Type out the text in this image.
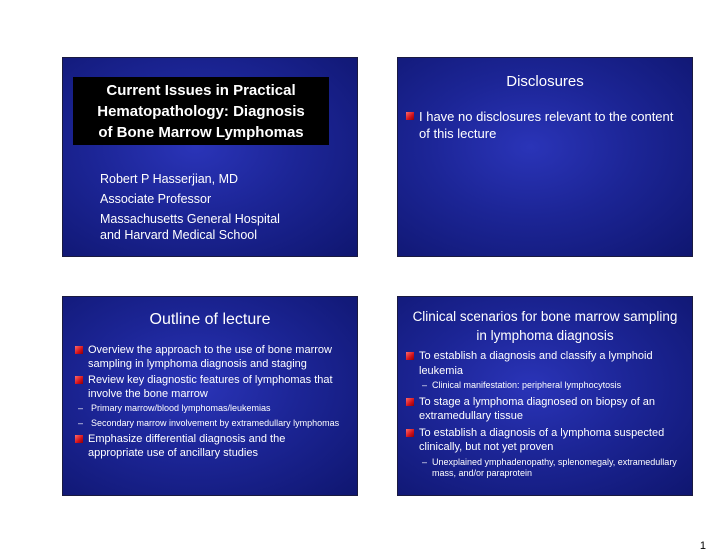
Current Issues in Practical
Hematopathology: Diagnosis
of Bone Marrow Lymphomas
Robert P Hasserjian, MD
Associate Professor
Massachusetts General Hospital
and Harvard Medical School
Disclosures
I have no disclosures relevant to the content of this lecture
Outline of lecture
Overview the approach to the use of bone marrow sampling in lymphoma diagnosis and staging
Review key diagnostic features of lymphomas that involve the bone marrow
– Primary marrow/blood lymphomas/leukemias
– Secondary marrow involvement by extramedullary lymphomas
Emphasize differential diagnosis and the appropriate use of ancillary studies
Clinical scenarios for bone marrow sampling in lymphoma diagnosis
To establish a diagnosis and classify a lymphoid leukemia
– Clinical manifestation: peripheral lymphocytosis
To stage a lymphoma diagnosed on biopsy of an extramedullary tissue
To establish a diagnosis of a lymphoma suspected clinically, but not yet proven
– Unexplained ymphadenopathy, splenomegaly, extramedullary mass, and/or paraprotein
1
